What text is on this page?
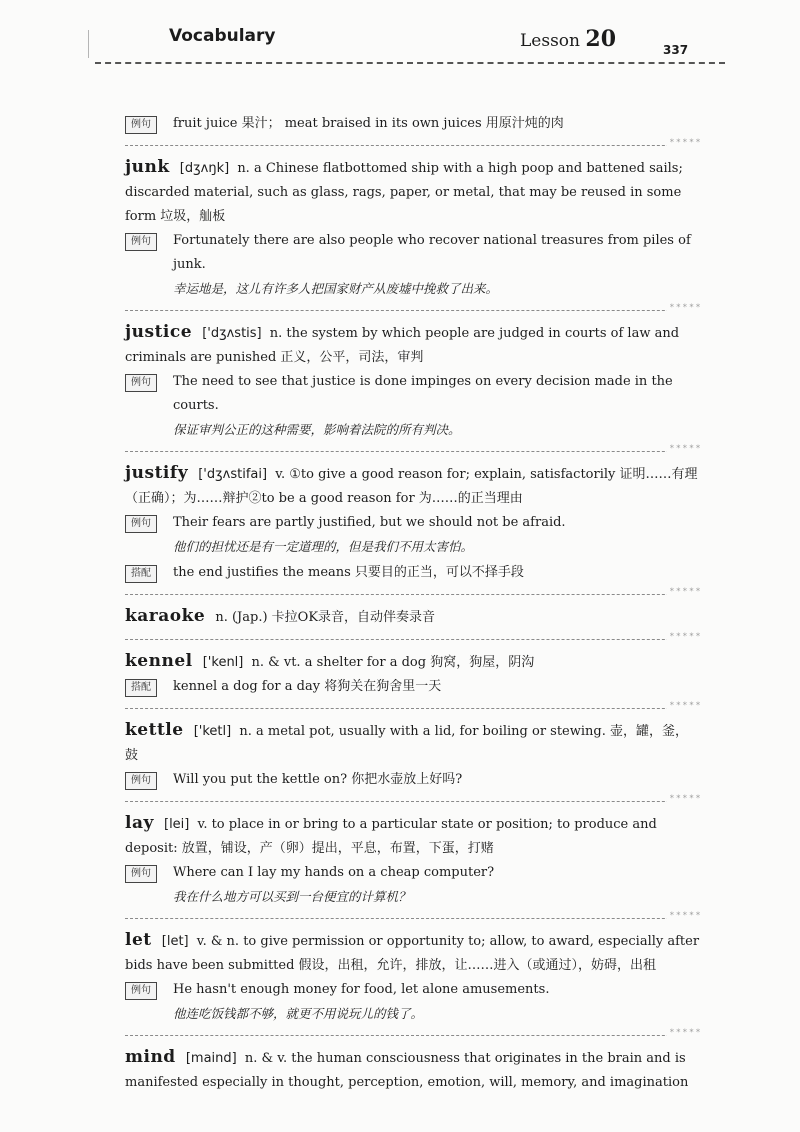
Vocabulary	Lesson 20	337
例句	fruit juice 果汁； meat braised in its own juices 用原汁炖的肉
* * *
junk [dʒʌŋk] n. a Chinese flatbottomed ship with a high poop and battened sails; discarded material, such as glass, rags, paper, or metal, that may be reused in some form 垃圾，舢板
例句	Fortunately there are also people who recover national treasures from piles of junk.
幸运地是，这儿有许多人把国家财产从废墟中挽救了出来。
* * *
justice ['dʒʌstis] n. the system by which people are judged in courts of law and criminals are punished 正义，公平，司法，审判
例句	The need to see that justice is done impinges on every decision made in the courts.
保证审判公正的这种需要，影响着法院的所有判决。
* * *
justify ['dʒʌstifai] v. ①to give a good reason for; explain, satisfactorily 证明……有理（正确）；为……辩护②to be a good reason for 为……的正当理由
例句	Their fears are partly justified, but we should not be afraid.
他们的担忧还是有一定道理的，但是我们不用太害怕。
搭配	the end justifies the means 只要目的正当，可以不择手段
* * *
karaoke n. (Jap.) 卡拉OK录音，自动伴奏录音
* * *
kennel ['kenl] n. & vt. a shelter for a dog 狗窝，狗屋，阴沟
搭配	kennel a dog for a day 将狗关在狗舍里一天
* * *
kettle ['ketl] n. a metal pot, usually with a lid, for boiling or stewing. 壶，罐，釜，鼓
例句	Will you put the kettle on? 你把水壶放上好吗?
* * *
lay [lei] v. to place in or bring to a particular state or position; to produce and deposit: 放置，铺设，产（卵）提出，平息，布置，下蛋，打赌
例句	Where can I lay my hands on a cheap computer?
我在什么地方可以买到一台便宜的计算机？
* * *
let [let] v. & n. to give permission or opportunity to; allow, to award, especially after bids have been submitted 假设，出租，允许，排放，让……进入（或通过），妨碍，出租
例句	He hasn't enough money for food, let alone amusements.
他连吃饭钱都不够，就更不用说玩儿的钱了。
* * *
mind [maind] n. & v. the human consciousness that originates in the brain and is manifested especially in thought, perception, emotion, will, memory, and imagination
